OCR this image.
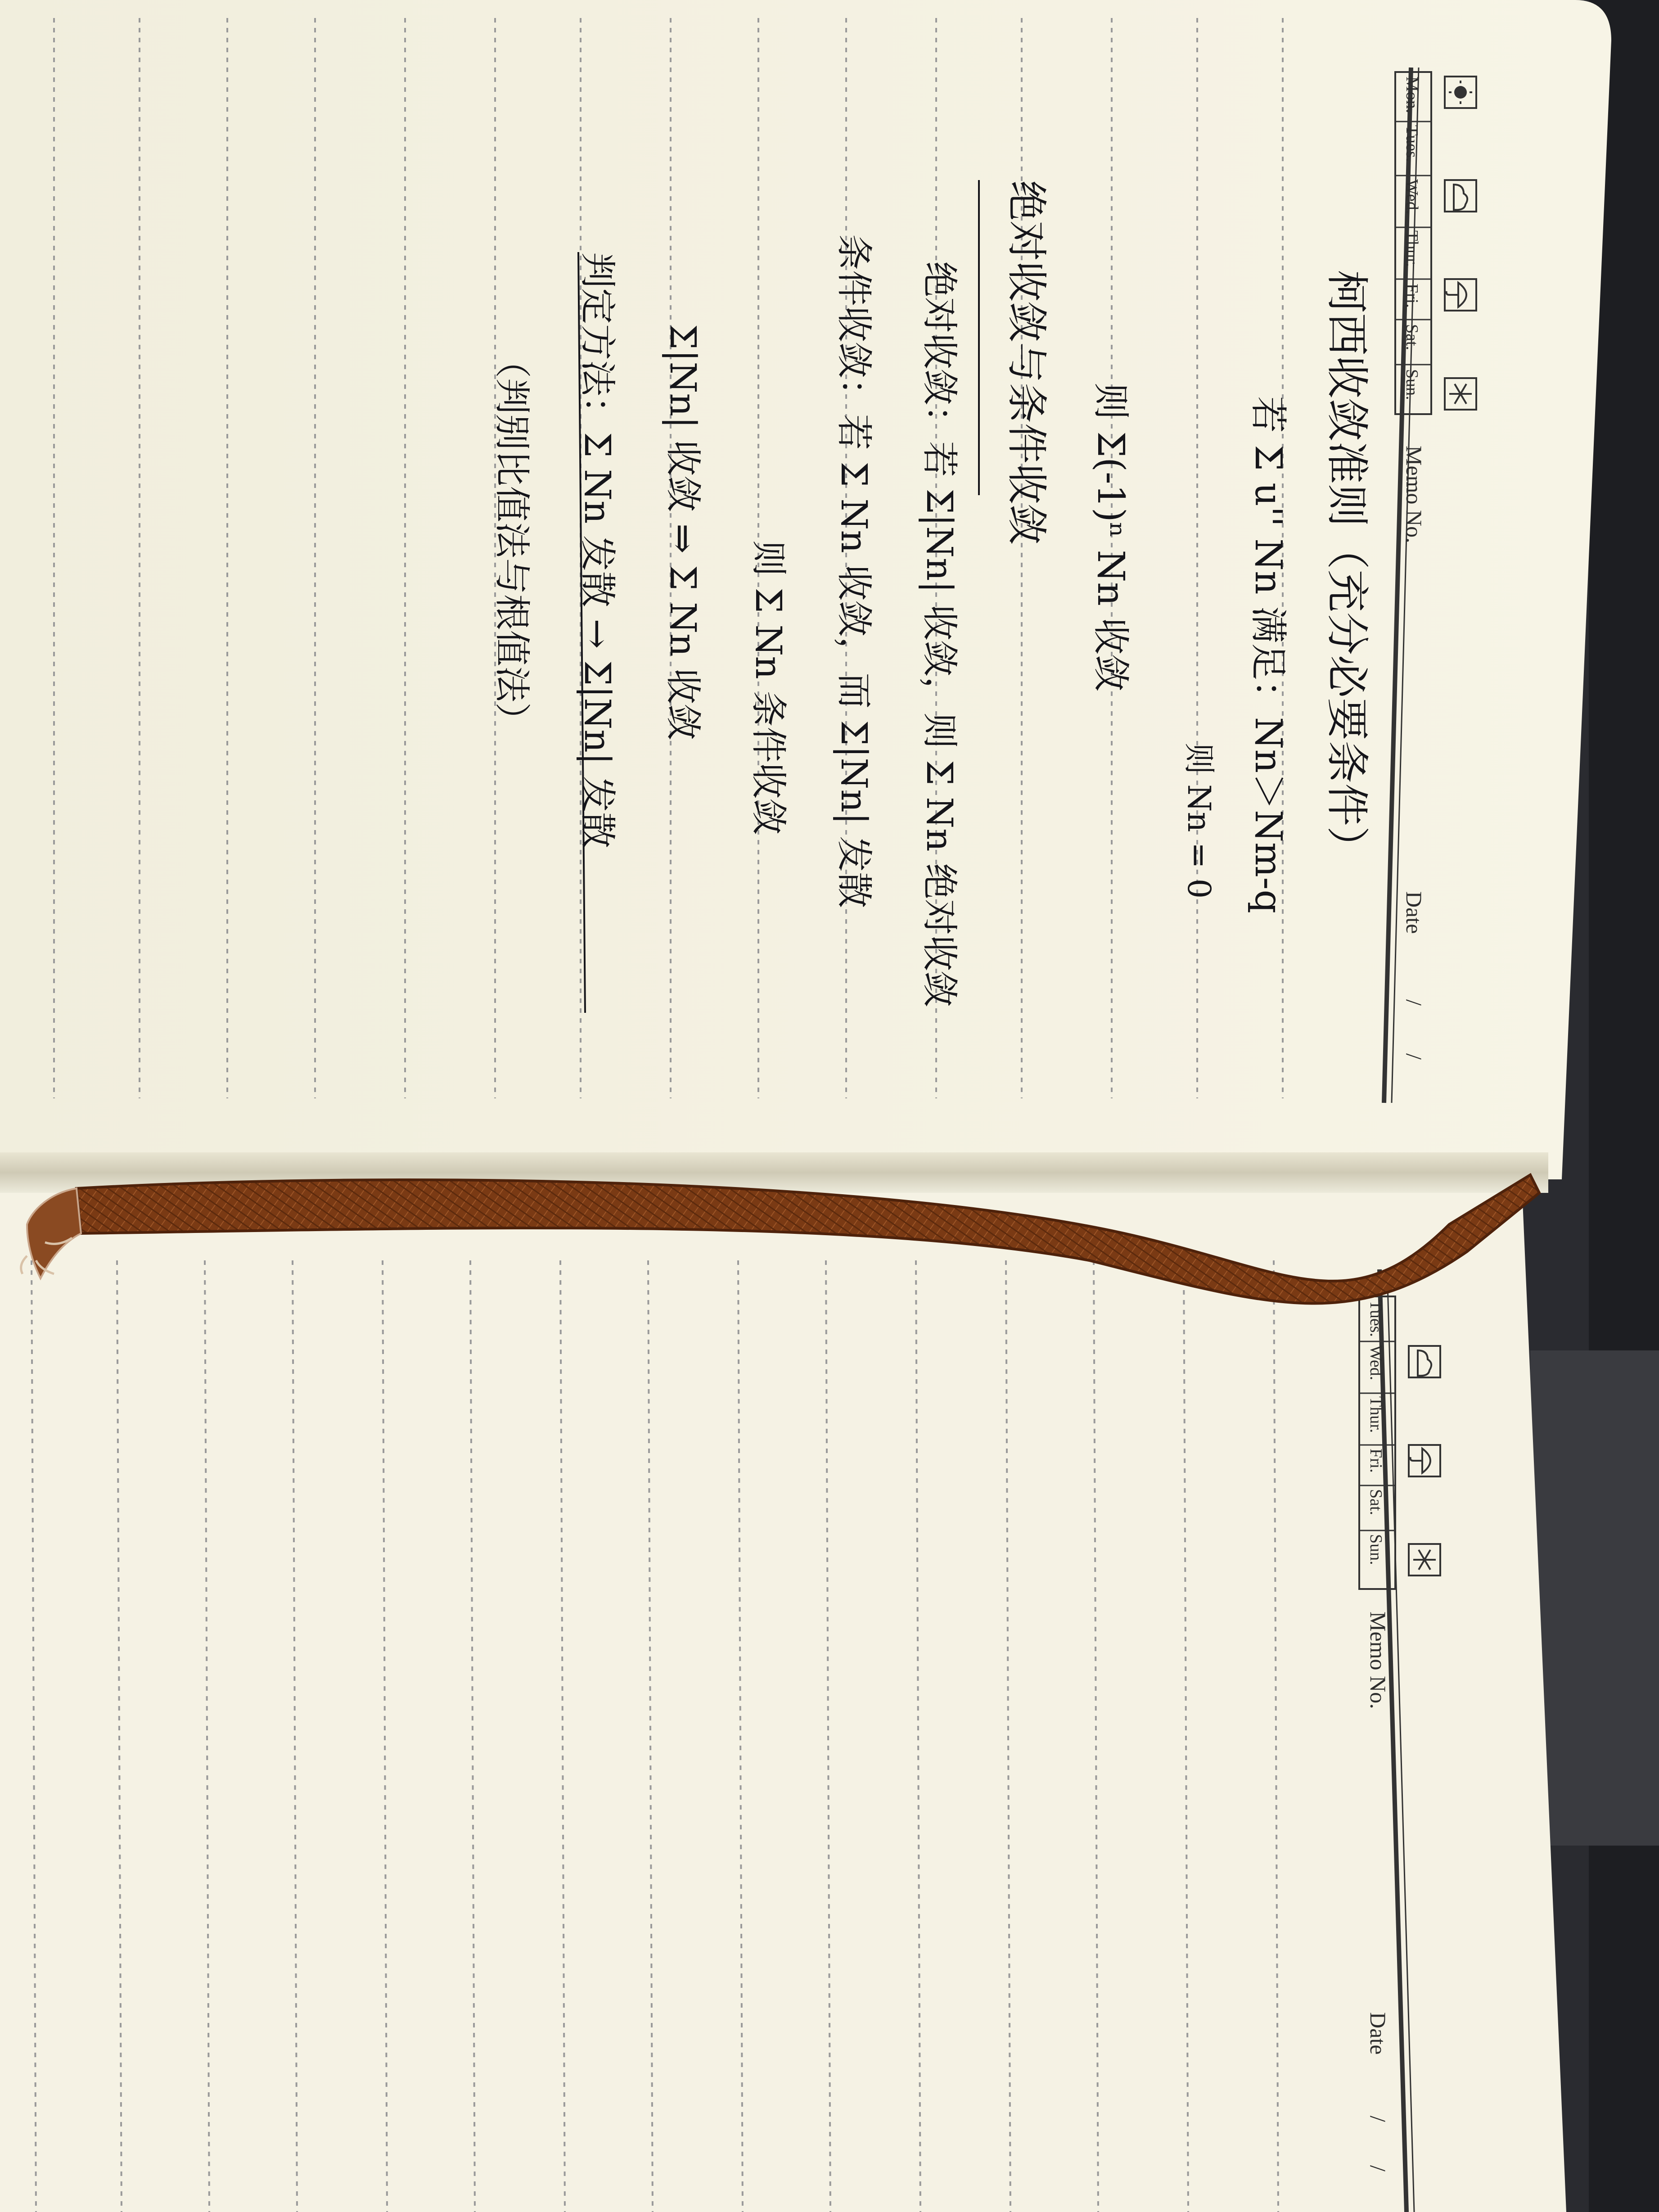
Mon.
Tues.
Wed.
Thur.
Fri.
Sat.
Sun.
Memo No.
Date
/
/
柯西收敛准则（充分必要条件）
若 Σ u'' Nn 满足：Nn＞Nm-q
则 Nn = 0
则 Σ(-1)ⁿ Nn 收敛
绝对收敛与条件收敛
绝对收敛：若 Σ|Nn| 收敛，则 Σ Nn 绝对收敛
条件收敛：若 Σ Nn 收敛，而 Σ|Nn| 发散
则 Σ Nn 条件收敛
Σ|Nn| 收敛 ⇒ Σ Nn 收敛
判定方法：Σ Nn 发散 → Σ|Nn| 发散
（判别比值法与根值法）
Tues.
Wed.
Thur.
Fri.
Sat.
Sun.
Memo No.
Date
/
/
